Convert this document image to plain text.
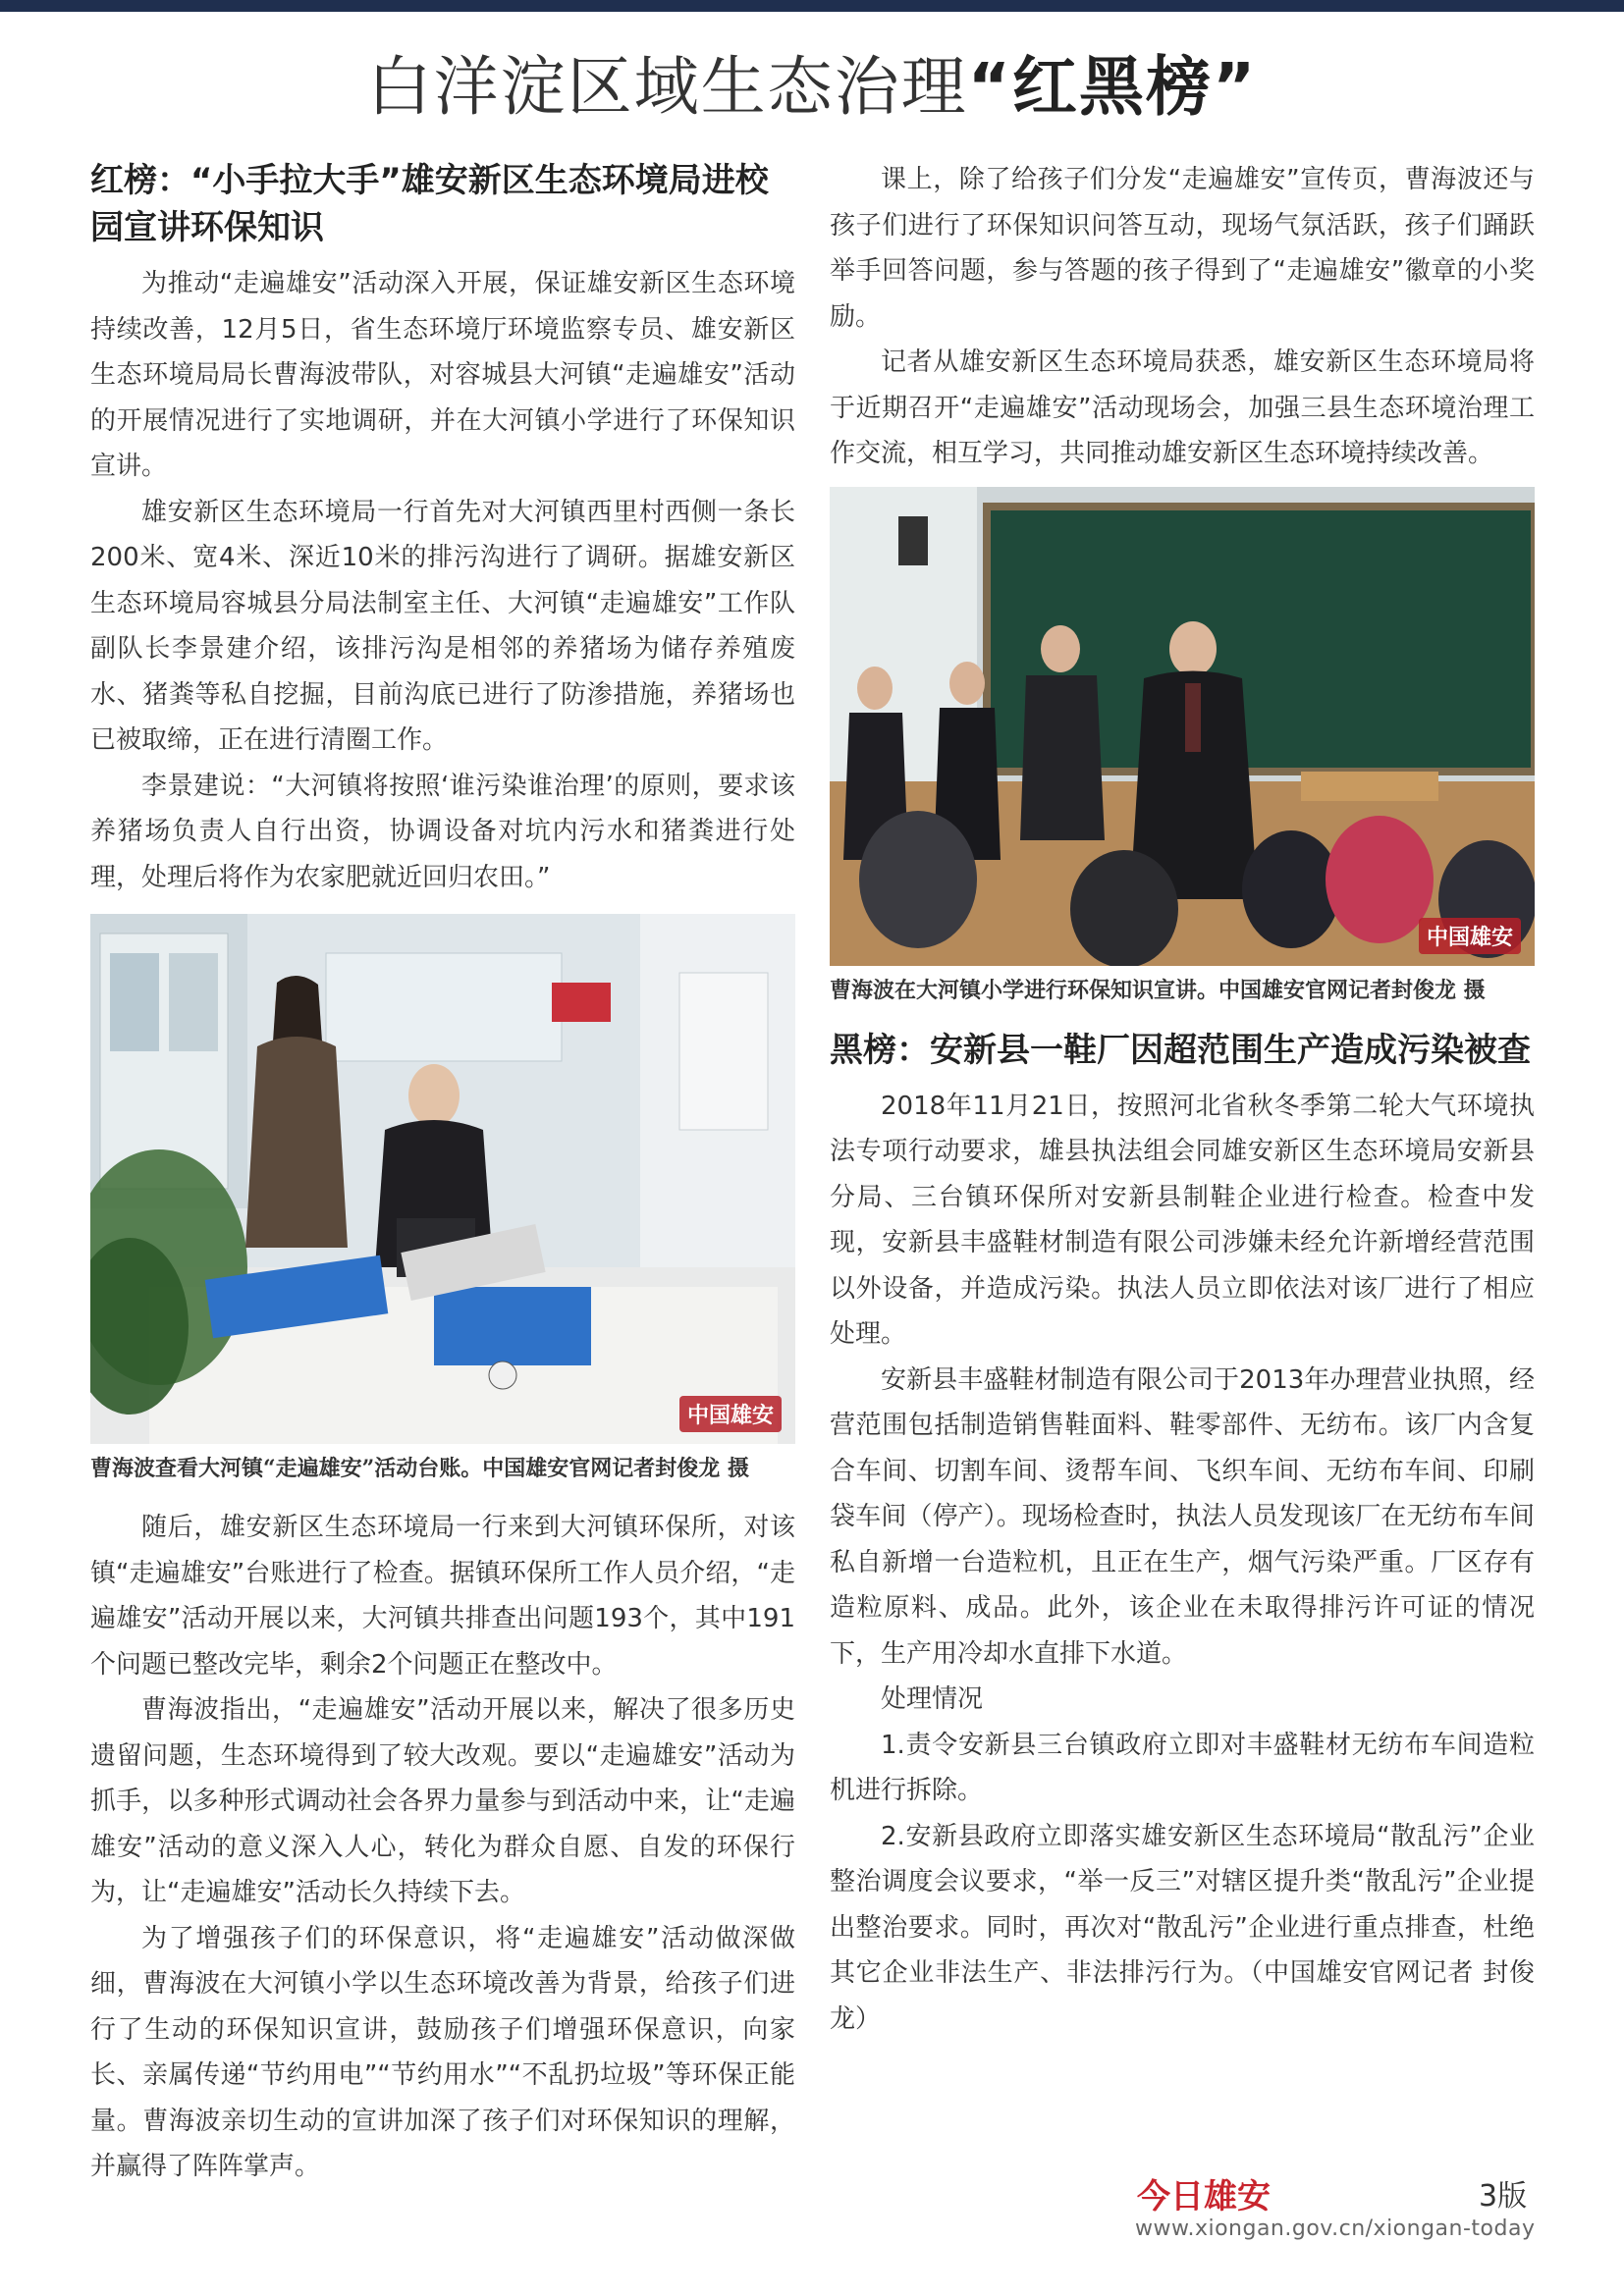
白洋淀区域生态治理“红黑榜”
红榜：“小手拉大手”雄安新区生态环境局进校园宣讲环保知识

为推动“走遍雄安”活动深入开展，保证雄安新区生态环境持续改善，12月5日，省生态环境厅环境监察专员、雄安新区生态环境局局长曹海波带队，对容城县大河镇“走遍雄安”活动的开展情况进行了实地调研，并在大河镇小学进行了环保知识宣讲。

雄安新区生态环境局一行首先对大河镇西里村西侧一条长200米、宽4米、深近10米的排污沟进行了调研。据雄安新区生态环境局容城县分局法制室主任、大河镇“走遍雄安”工作队副队长李景建介绍，该排污沟是相邻的养猪场为储存养殖废水、猪粪等私自挖掘，目前沟底已进行了防渗措施，养猪场也已被取缔，正在进行清圈工作。

李景建说：“大河镇将按照‘谁污染谁治理’的原则，要求该养猪场负责人自行出资，协调设备对坑内污水和猪粪进行处理，处理后将作为农家肥就近回归农田。”

中国雄安

曹海波查看大河镇“走遍雄安”活动台账。中国雄安官网记者封俊龙 摄

随后，雄安新区生态环境局一行来到大河镇环保所，对该镇“走遍雄安”台账进行了检查。据镇环保所工作人员介绍，“走遍雄安”活动开展以来，大河镇共排查出问题193个，其中191个问题已整改完毕，剩余2个问题正在整改中。

曹海波指出，“走遍雄安”活动开展以来，解决了很多历史遗留问题，生态环境得到了较大改观。要以“走遍雄安”活动为抓手，以多种形式调动社会各界力量参与到活动中来，让“走遍雄安”活动的意义深入人心，转化为群众自愿、自发的环保行为，让“走遍雄安”活动长久持续下去。

为了增强孩子们的环保意识，将“走遍雄安”活动做深做细，曹海波在大河镇小学以生态环境改善为背景，给孩子们进行了生动的环保知识宣讲，鼓励孩子们增强环保意识，向家长、亲属传递“节约用电”“节约用水”“不乱扔垃圾”等环保正能量。曹海波亲切生动的宣讲加深了孩子们对环保知识的理解，并赢得了阵阵掌声。

课上，除了给孩子们分发“走遍雄安”宣传页，曹海波还与孩子们进行了环保知识问答互动，现场气氛活跃，孩子们踊跃举手回答问题，参与答题的孩子得到了“走遍雄安”徽章的小奖励。

记者从雄安新区生态环境局获悉，雄安新区生态环境局将于近期召开“走遍雄安”活动现场会，加强三县生态环境治理工作交流，相互学习，共同推动雄安新区生态环境持续改善。

中国雄安

曹海波在大河镇小学进行环保知识宣讲。中国雄安官网记者封俊龙 摄

黑榜：安新县一鞋厂因超范围生产造成污染被查

2018年11月21日，按照河北省秋冬季第二轮大气环境执法专项行动要求，雄县执法组会同雄安新区生态环境局安新县分局、三台镇环保所对安新县制鞋企业进行检查。检查中发现，安新县丰盛鞋材制造有限公司涉嫌未经允许新增经营范围以外设备，并造成污染。执法人员立即依法对该厂进行了相应处理。

安新县丰盛鞋材制造有限公司于2013年办理营业执照，经营范围包括制造销售鞋面料、鞋零部件、无纺布。该厂内含复合车间、切割车间、烫帮车间、飞织车间、无纺布车间、印刷袋车间（停产）。现场检查时，执法人员发现该厂在无纺布车间私自新增一台造粒机，且正在生产，烟气污染严重。厂区存有造粒原料、成品。此外，该企业在未取得排污许可证的情况下，生产用冷却水直排下水道。

处理情况

1.责令安新县三台镇政府立即对丰盛鞋材无纺布车间造粒机进行拆除。

2.安新县政府立即落实雄安新区生态环境局“散乱污”企业整治调度会议要求，“举一反三”对辖区提升类“散乱污”企业提出整治要求。同时，再次对“散乱污”企业进行重点排查，杜绝其它企业非法生产、非法排污行为。（中国雄安官网记者 封俊龙）

今日雄安	3版
www.xiongan.gov.cn/xiongan-today
